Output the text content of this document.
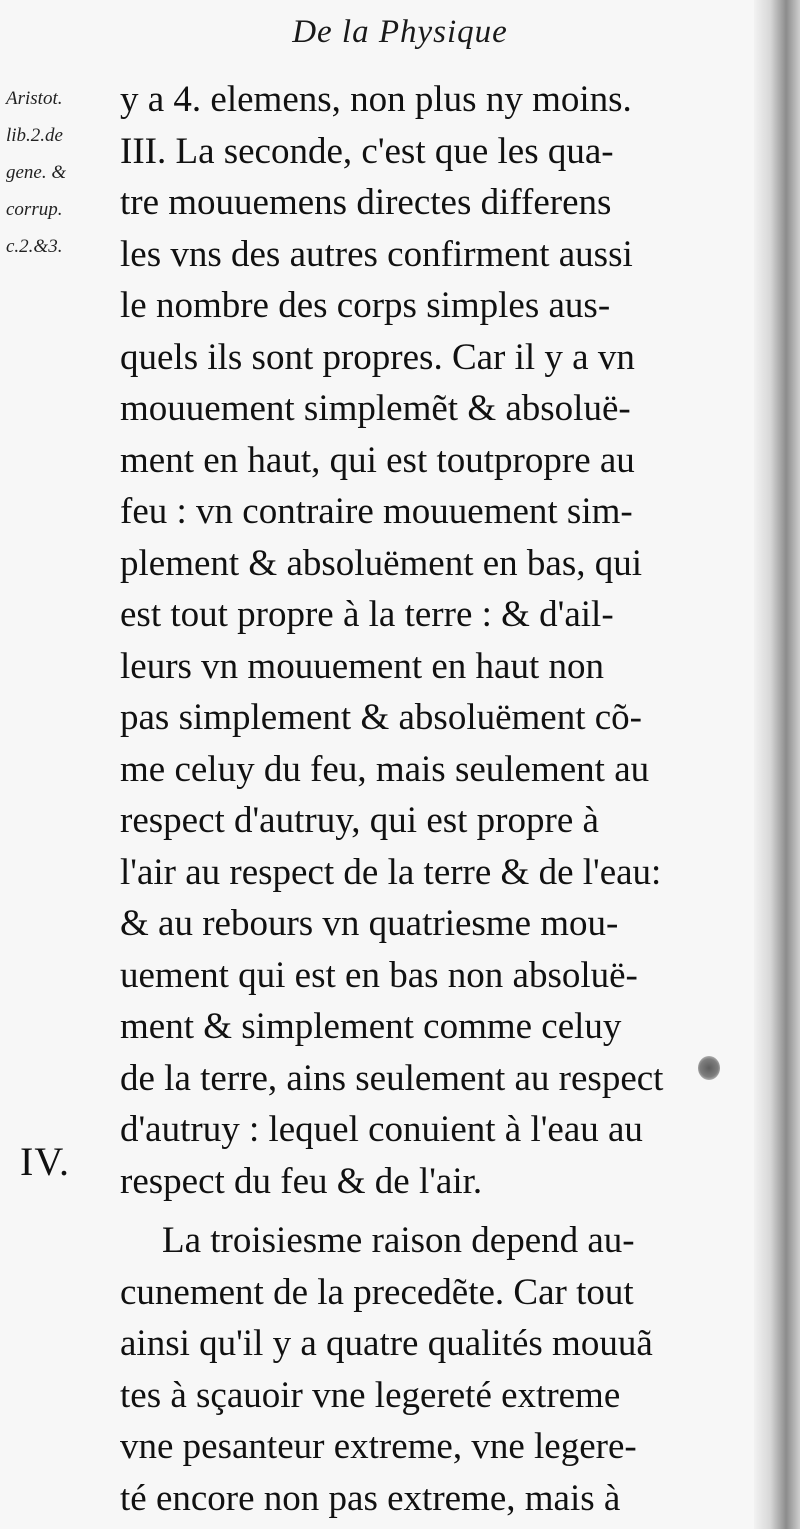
De la Physique
Aristot.
lib.2.de
gene. &
corrup.
c.2.&3.
y a 4. elemens, non plus ny moins.
III. La seconde, c'est que les qua-
tre mouuemens directes differens
les vns des autres confirment aussi
le nombre des corps simples aus-
quels ils sont propres. Car il y a vn
mouuement simplemẽt & absoluë-
ment en haut, qui est toutpropre au
feu : vn contraire mouuement sim-
plement & absoluëment en bas, qui
est tout propre à la terre : & d'ail-
leurs vn mouuement en haut non
pas simplement & absoluëment cõ-
me celuy du feu, mais seulement au
respect d'autruy, qui est propre à
l'air au respect de la terre & de l'eau:
& au rebours vn quatriesme mou-
uement qui est en bas non absoluë-
ment & simplement comme celuy
de la terre, ains seulement au respect
d'autruy : lequel conuient à l'eau au
respect du feu & de l'air.
La troisiesme raison depend au-
cunement de la precedẽte. Car tout
ainsi qu'il y a quatre qualités mouuã
tes à sçauoir vne legereté extreme
vne pesanteur extreme, vne legere-
té encore non pas extreme, mais à
IV.
